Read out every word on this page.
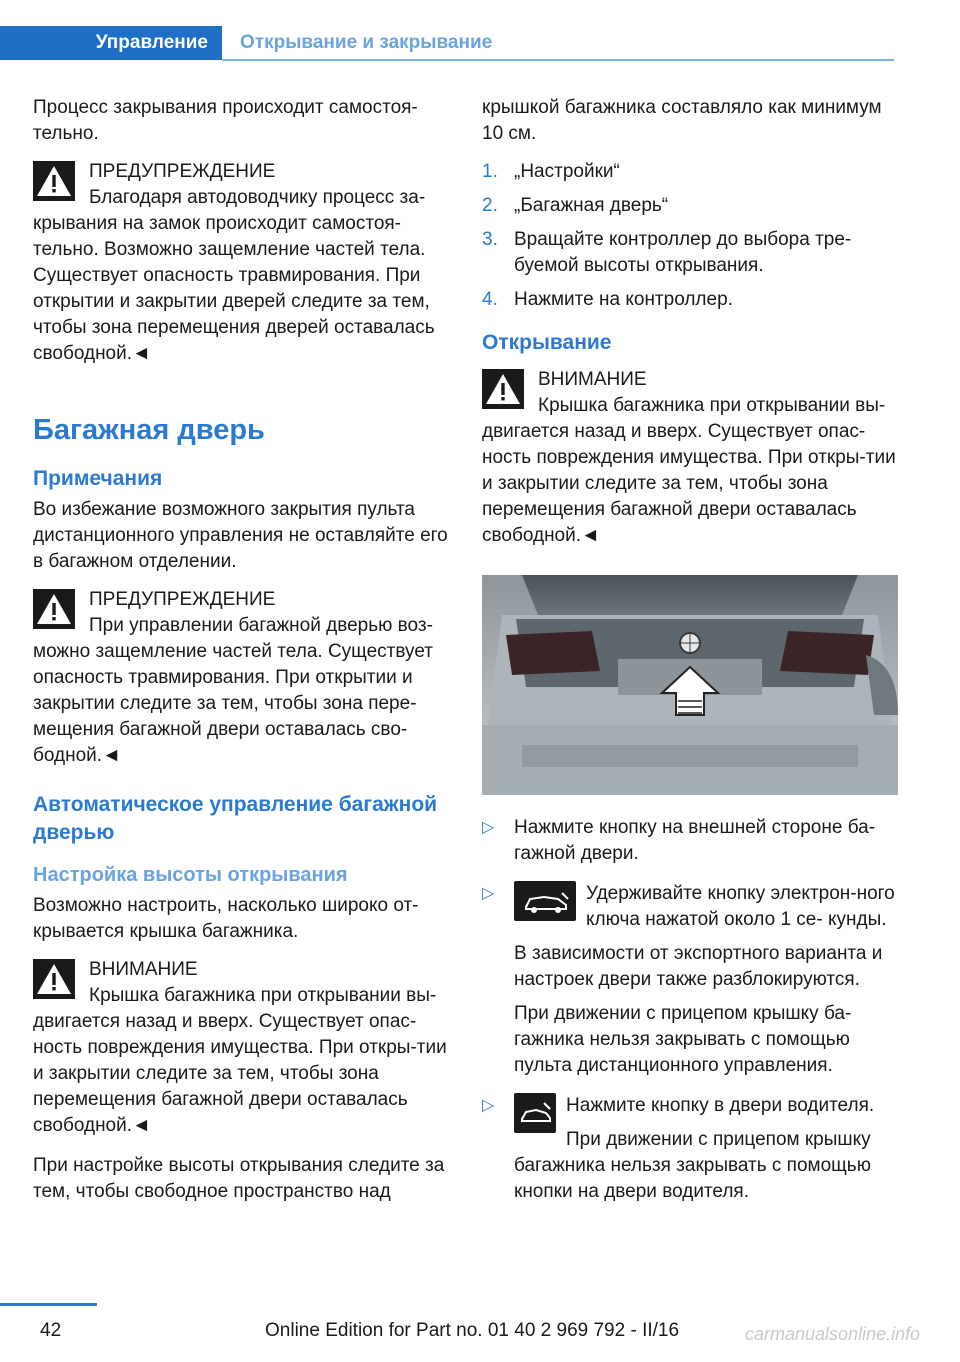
Управление	Открывание и закрывание

Процесс закрывания происходит самостоя-тельно.

ПРЕДУПРЕЖДЕНИЕ
Благодаря автодоводчику процесс за-
крывания на замок происходит самостоя-тельно. Возможно защемление частей тела. Существует опасность травмирования. При открытии и закрытии дверей следите за тем, чтобы зона перемещения дверей оставалась свободной.◄
Багажная дверь
Примечания

Во избежание возможного закрытия пульта дистанционного управления не оставляйте его в багажном отделении.

ПРЕДУПРЕЖДЕНИЕ
При управлении багажной дверью воз-
можно защемление частей тела. Существует опасность травмирования. При открытии и закрытии следите за тем, чтобы зона пере-мещения багажной двери оставалась сво-бодной.◄
Автоматическое управление багажной дверью
Настройка высоты открывания

Возможно настроить, насколько широко от-крывается крышка багажника.

ВНИМАНИЕ
Крышка багажника при открывании вы-
двигается назад и вверх. Существует опас-ность повреждения имущества. При откры-тии и закрытии следите за тем, чтобы зона перемещения багажной двери оставалась свободной.◄

При настройке высоты открывания следите за тем, чтобы свободное пространство над

крышкой багажника составляло как минимум 10 см.

1. „Настройки“
2. „Багажная дверь“
3. Вращайте контроллер до выбора тре-буемой высоты открывания.
4. Нажмите на контроллер.
Открывание
ВНИМАНИЕ
Крышка багажника при открывании вы-
двигается назад и вверх. Существует опас-ность повреждения имущества. При откры-тии и закрытии следите за тем, чтобы зона перемещения багажной двери оставалась свободной.◄
▷ Нажмите кнопку на внешней стороне ба-гажной двери.
▷	Удерживайте кнопку электрон-ного ключа нажатой около 1 се- кунды.

В зависимости от экспортного варианта и настроек двери также разблокируются.

При движении с прицепом крышку ба-гажника нельзя закрывать с помощью пульта дистанционного управления.

▷	Нажмите кнопку в двери водителя.
При движении с прицепом крышку

багажника нельзя закрывать с помощью кнопки на двери водителя.

42	Online Edition for Part no. 01 40 2 969 792 - II/16	carmanualsonline.info
